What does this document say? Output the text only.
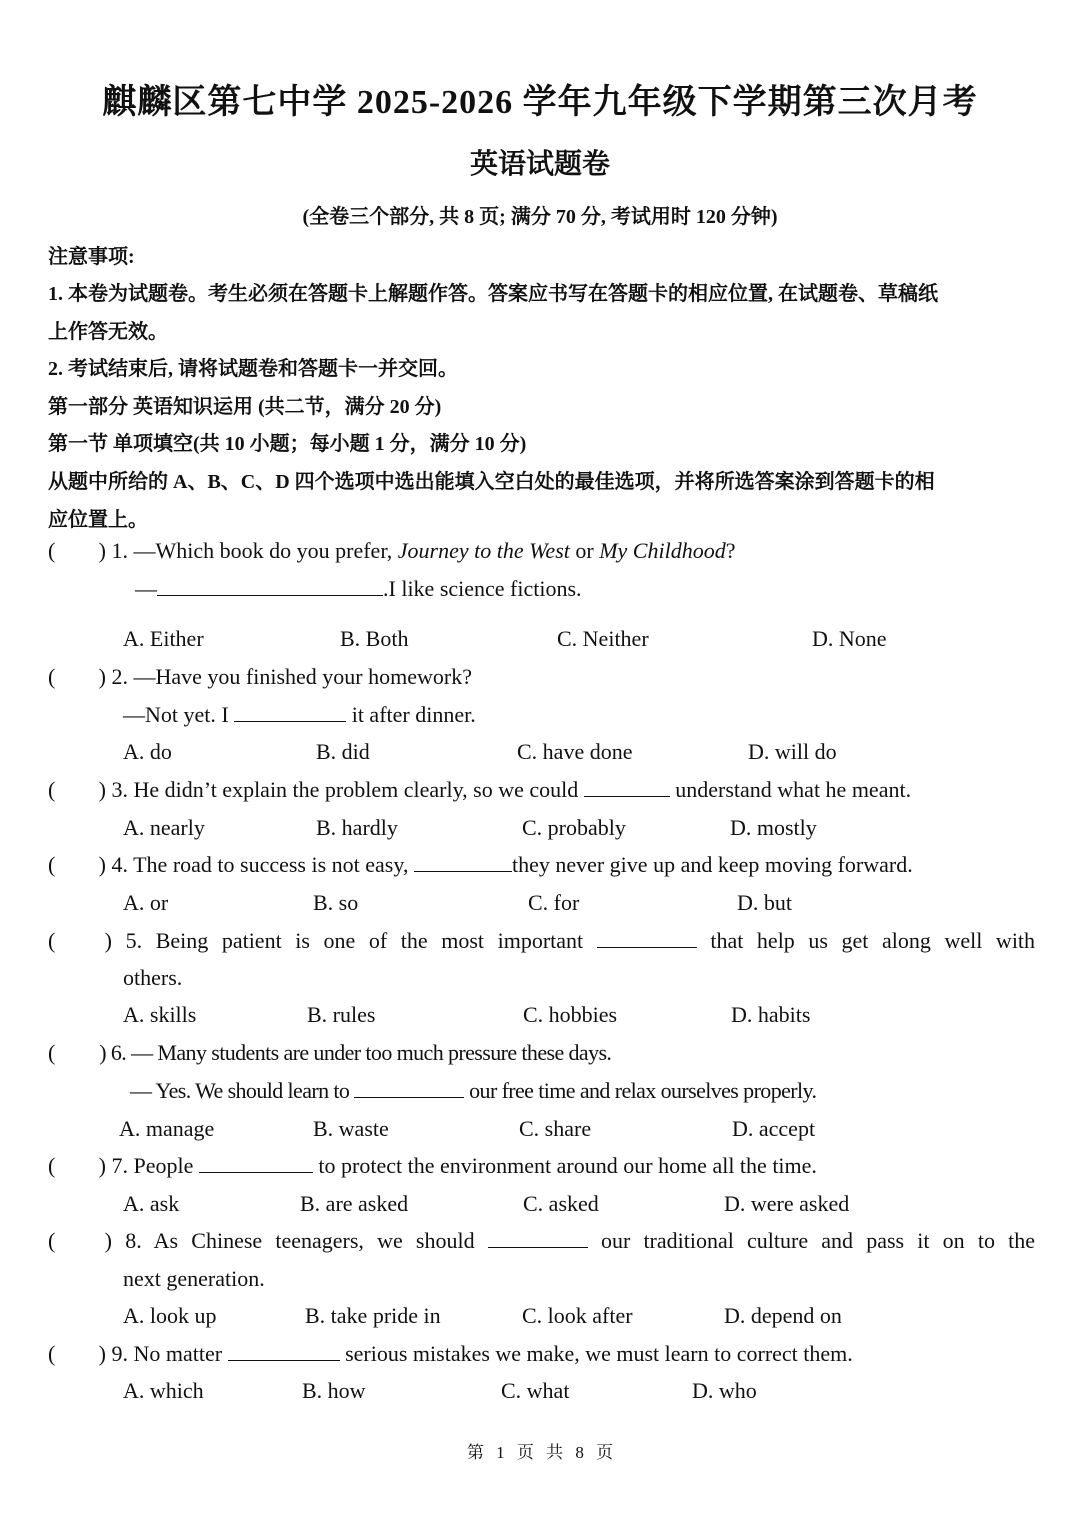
麒麟区第七中学 2025-2026 学年九年级下学期第三次月考
英语试题卷
(全卷三个部分, 共 8 页; 满分 70 分, 考试用时 120 分钟)
注意事项:
1. 本卷为试题卷。考生必须在答题卡上解题作答。答案应书写在答题卡的相应位置, 在试题卷、草稿纸
上作答无效。
2. 考试结束后, 请将试题卷和答题卡一并交回。
第一部分 英语知识运用 (共二节，满分 20 分)
第一节 单项填空(共 10 小题；每小题 1 分，满分 10 分)
从题中所给的 A、B、C、D 四个选项中选出能填入空白处的最佳选项，并将所选答案涂到答题卡的相
应位置上。
( ) 1. —Which book do you prefer, Journey to the West or My Childhood?
—	.I like science fictions.
A. Either	B. Both	C. Neither	D. None
( ) 2. —Have you finished your homework?
—Not yet. I	it after dinner.
A. do	B. did	C. have done	D. will do
( ) 3. He didn’t explain the problem clearly, so we could	understand what he meant.
A. nearly	B. hardly	C. probably	D. mostly
( ) 4. The road to success is not easy,	they never give up and keep moving forward.
A. or	B. so	C. for	D. but
( ) 5. Being patient is one of the most important	that help us get along well with
others.
A. skills	B. rules	C. hobbies	D. habits
( ) 6. — Many students are under too much pressure these days.
— Yes. We should learn to	our free time and relax ourselves properly.
A. manage	B. waste	C. share	D. accept
( ) 7. People	to protect the environment around our home all the time.
A. ask	B. are asked	C. asked	D. were asked
( ) 8. As Chinese teenagers, we should	our traditional culture and pass it on to the
next generation.
A. look up	B. take pride in	C. look after	D. depend on
( ) 9. No matter	serious mistakes we make, we must learn to correct them.
A. which	B. how	C. what	D. who
第 1 页 共 8 页
